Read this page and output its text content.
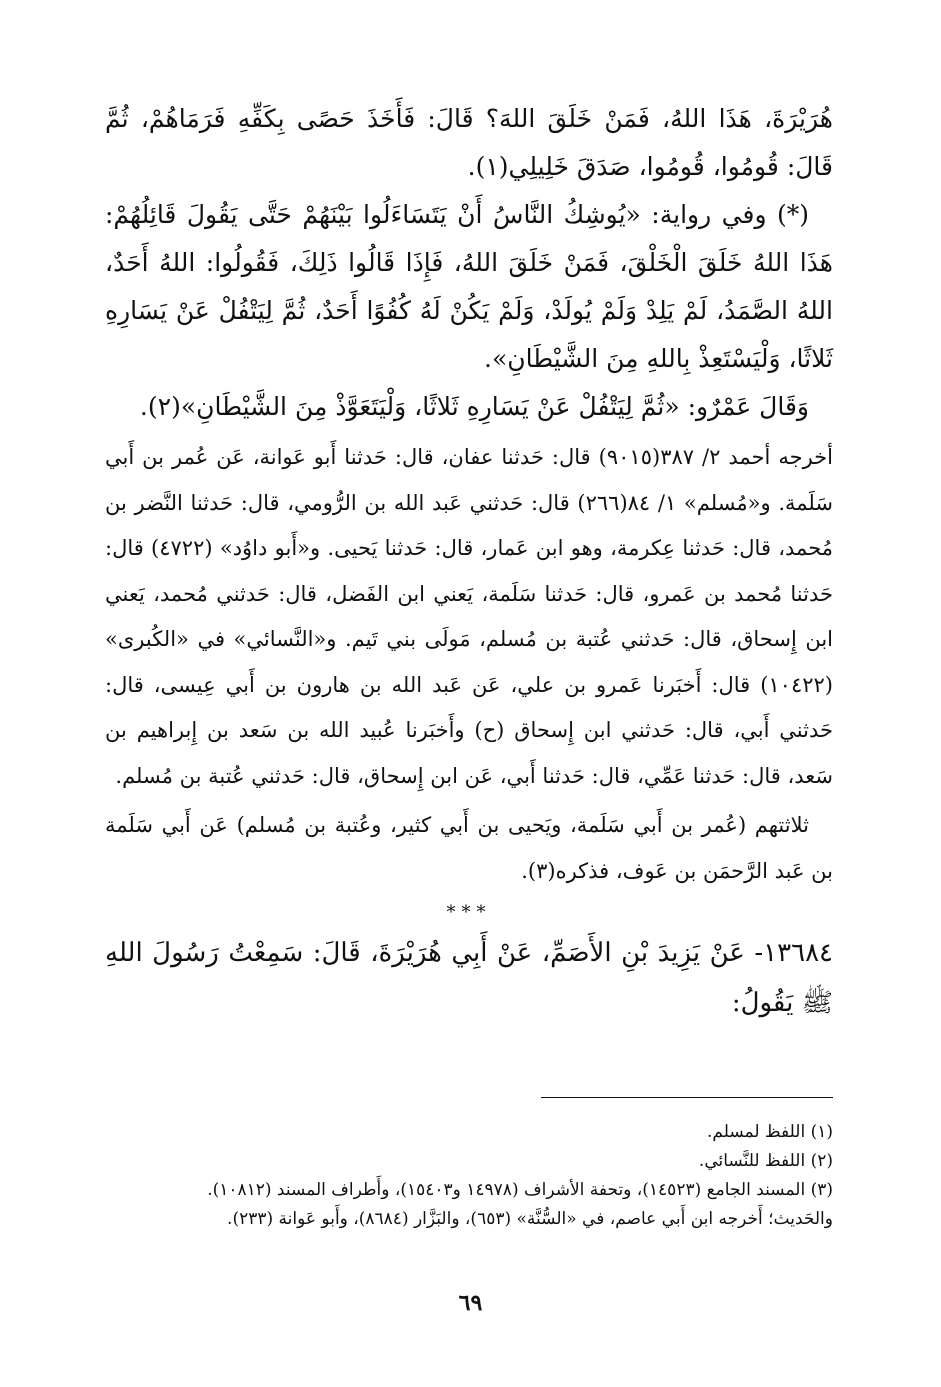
هُرَيْرَةَ، هَذَا اللهُ، فَمَنْ خَلَقَ اللهَ؟ قَالَ: فَأَخَذَ حَصًى بِكَفِّهِ فَرَمَاهُمْ، ثُمَّ قَالَ: قُومُوا، قُومُوا، صَدَقَ خَلِيلِي(١).

(*) وفي رواية: «يُوشِكُ النَّاسُ أَنْ يَتَسَاءَلُوا بَيْنَهُمْ حَتَّى يَقُولَ قَائِلُهُمْ: هَذَا اللهُ خَلَقَ الْخَلْقَ، فَمَنْ خَلَقَ اللهُ، فَإِذَا قَالُوا ذَلِكَ، فَقُولُوا: اللهُ أَحَدٌ، اللهُ الصَّمَدُ، لَمْ يَلِدْ وَلَمْ يُولَدْ، وَلَمْ يَكُنْ لَهُ كُفُوًا أَحَدٌ، ثُمَّ لِيَتْفُلْ عَنْ يَسَارِهِ ثَلاثًا، وَلْيَسْتَعِذْ بِاللهِ مِنَ الشَّيْطَانِ».

وَقَالَ عَمْرٌو: «ثُمَّ لِيَتْفُلْ عَنْ يَسَارِهِ ثَلاثًا، وَلْيَتَعَوَّذْ مِنَ الشَّيْطَانِ»(٢).

أخرجه أحمد ٢/ ٣٨٧(٩٠١٥) قال: حَدثنا عفان، قال: حَدثنا أَبو عَوانة، عَن عُمر بن أَبي سَلَمة. و«مُسلم» ١/ ٨٤(٢٦٦) قال: حَدثني عَبد الله بن الرُّومي، قال: حَدثنا النَّضر بن مُحمد، قال: حَدثنا عِكرمة، وهو ابن عَمار، قال: حَدثنا يَحيى. و«أَبو داوُد» (٤٧٢٢) قال: حَدثنا مُحمد بن عَمرو، قال: حَدثنا سَلَمة، يَعني ابن الفَضل، قال: حَدثني مُحمد، يَعني ابن إِسحاق، قال: حَدثني عُتبة بن مُسلم، مَولَى بني تَيم. و«النَّسائي» في «الكُبرى» (١٠٤٢٢) قال: أَخبَرنا عَمرو بن علي، عَن عَبد الله بن هارون بن أَبي عِيسى، قال: حَدثني أَبي، قال: حَدثني ابن إِسحاق (ح) وأَخبَرنا عُبيد الله بن سَعد بن إِبراهيم بن سَعد، قال: حَدثنا عَمِّي، قال: حَدثنا أَبي، عَن ابن إِسحاق، قال: حَدثني عُتبة بن مُسلم.

ثلاثتهم (عُمر بن أَبي سَلَمة، ويَحيى بن أَبي كثير، وعُتبة بن مُسلم) عَن أَبي سَلَمة بن عَبد الرَّحمَن بن عَوف، فذكره(٣).

***

١٣٦٨٤- عَنْ يَزِيدَ بْنِ الأَصَمِّ، عَنْ أَبِي هُرَيْرَةَ، قَالَ: سَمِعْتُ رَسُولَ اللهِ ﷺ يَقُولُ:

(١) اللفظ لمسلم.

(٢) اللفظ للنَّسائي.

(٣) المسند الجامع (١٤٥٢٣)، وتحفة الأشراف (١٤٩٧٨ و١٥٤٠٣)، وأَطراف المسند (١٠٨١٢).

والحَديث؛ أَخرجه ابن أَبي عاصم، في «السُّنَّة» (٦٥٣)، والبَزَّار (٨٦٨٤)، وأَبو عَوانة (٢٣٣).

٦٩
